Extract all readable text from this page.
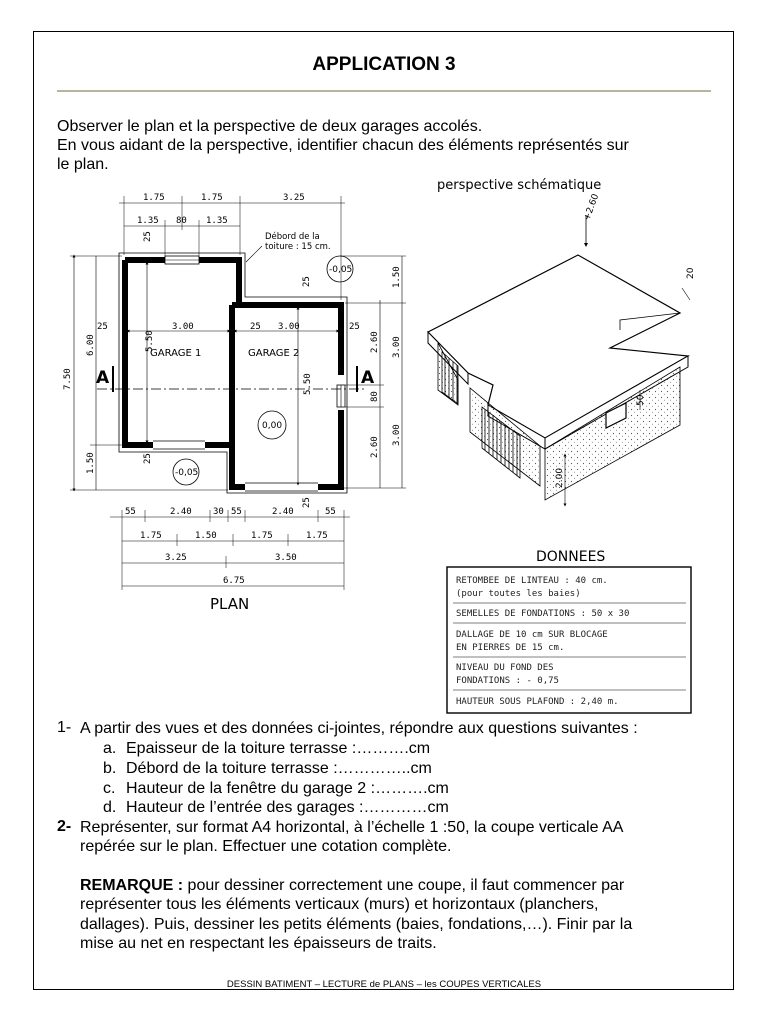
APPLICATION 3
Observer le plan et la perspective de deux garages accolés.
En vous aidant de la perspective, identifier chacun des éléments représentés sur
le plan.
A	A
GARAGE 1	GARAGE 2
3.00	3.00
25
25	25
5.50
5.50
25
25
25
25
-0,05
0,00
-0,05
Débord de la
toiture : 15 cm.
1.75	1.75	3.25
1.35 80 1.35
7.50
6.00
1.50
1.50
2.60
80
2.60
3.00
3.00
55	2.40 30 55	2.40	55
1.75	1.50	1.75	1.75
3.25	3.50
6.75
PLAN
perspective schématique
+2.60
20
50
2.00
DONNEES
RETOMBEE DE LINTEAU : 40 cm.
(pour toutes les baies)
SEMELLES DE FONDATIONS : 50 x 30
DALLAGE DE 10 cm SUR BLOCAGE
EN PIERRES DE 15 cm.
NIVEAU DU FOND DES
FONDATIONS : - 0,75
HAUTEUR SOUS PLAFOND : 2,40 m.
1- A partir des vues et des données ci-jointes, répondre aux questions suivantes :
a. Epaisseur de la toiture terrasse :……….cm
b. Débord de la toiture terrasse :…………..cm
c. Hauteur de la fenêtre du garage 2 :……….cm
d. Hauteur de l’entrée des garages :…………cm
2- Représenter, sur format A4 horizontal, à l’échelle 1 :50, la coupe verticale AA
repérée sur le plan. Effectuer une cotation complète.
REMARQUE : pour dessiner correctement une coupe, il faut commencer par
représenter tous les éléments verticaux (murs) et horizontaux (planchers,
dallages). Puis, dessiner les petits éléments (baies, fondations,…). Finir par la
mise au net en respectant les épaisseurs de traits.
DESSIN BATIMENT – LECTURE de PLANS – les COUPES VERTICALES
